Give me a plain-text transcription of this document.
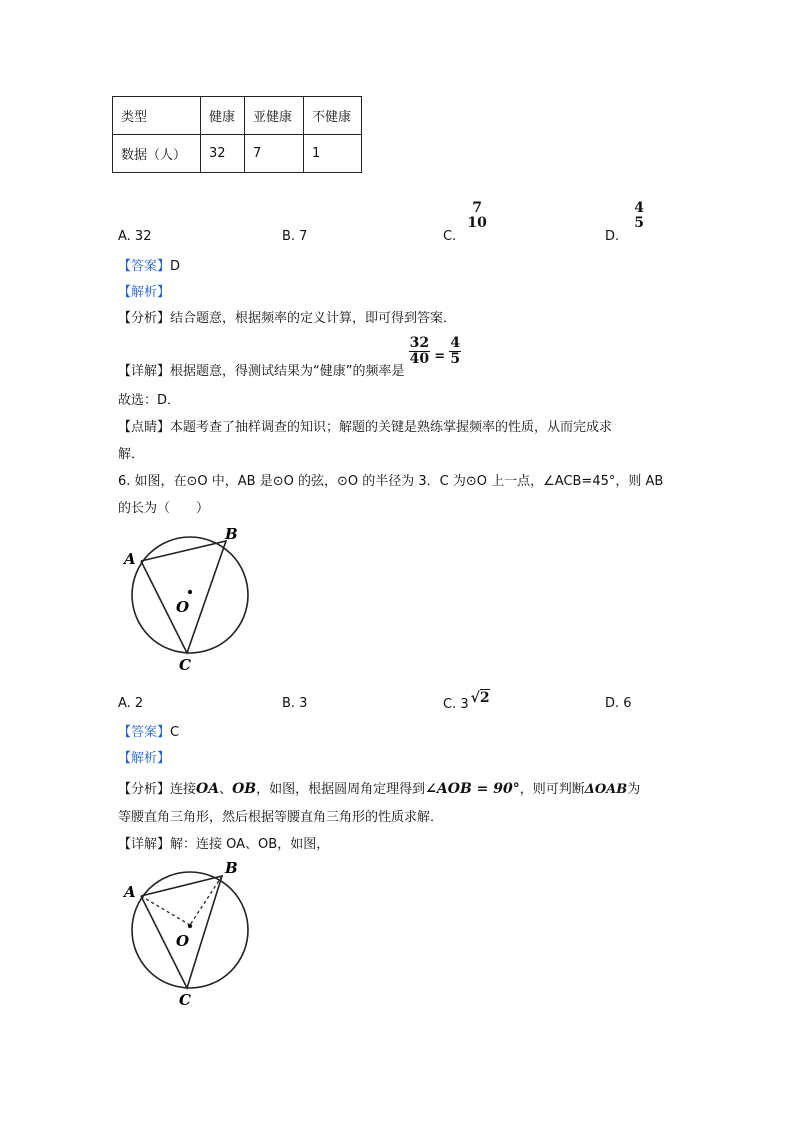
类型	健康	亚健康	不健康
数据（人）	32	7	1
A. 32	B. 7	C.
7
10
D.
4
5
【答案】D
【解析】
【分析】结合题意，根据频率的定义计算，即可得到答案．
【详解】根据题意，得测试结果为“健康”的频率是
$\frac{32}{40} = \frac{4}{5}$
故选：D．
【点睛】本题考查了抽样调查的知识；解题的关键是熟练掌握频率的性质，从而完成求
解．
6. 如图，在⊙O 中，AB 是⊙O 的弦，⊙O 的半径为 3．C 为⊙O 上一点，∠ACB=45°，则 AB
的长为（　　）
A
B
O
C
A. 2	B. 3	C. 3 √2	D. 6
【答案】C
【解析】
【分析】连接OA、OB，如图，根据圆周角定理得到∠AOB = 90°，则可判断ΔOAB为
等腰直角三角形，然后根据等腰直角三角形的性质求解．
【详解】解：连接 OA、OB，如图，
A
B
O
C
